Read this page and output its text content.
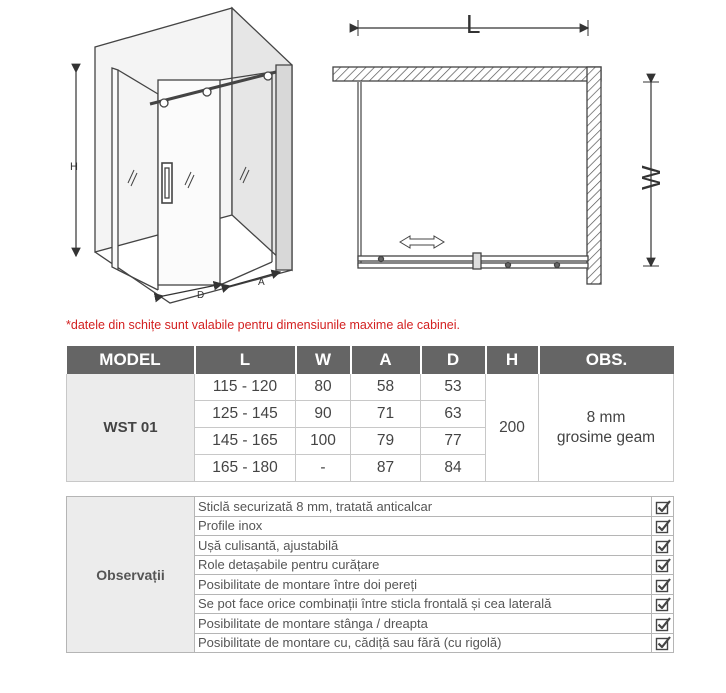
H
D
A
L
W
*datele din schițe sunt valabile pentru dimensiunile maxime ale cabinei.
MODEL	L	W	A	D	H	OBS.
WST 01	115 - 120	80	58	53	200	8 mm
grosime geam

	125 - 145	90	71	63		
	145 - 165	100	79	77		
	165 - 180	-	87	84		
Observații	Sticlă securizată 8 mm, tratată anticalcar	
	Profile inox	
	Ușă culisantă, ajustabilă	
	Role detașabile pentru curățare	
	Posibilitate de montare între doi pereți	
	Se pot face orice combinații între sticla frontală și cea laterală	
	Posibilitate de montare stânga / dreapta	
	Posibilitate de montare cu, cădiță sau fără (cu rigolă)	
